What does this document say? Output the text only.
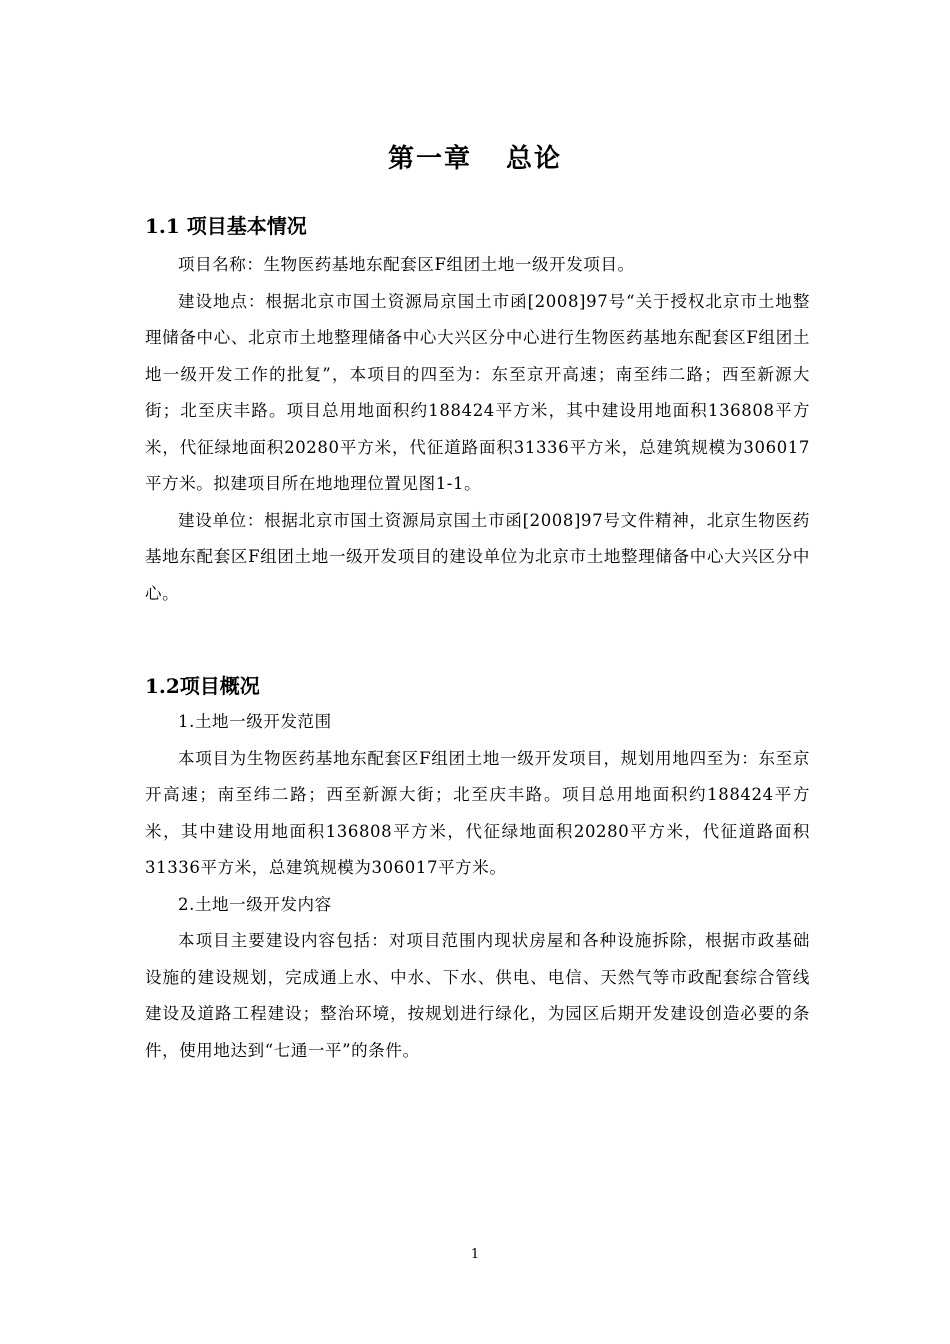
第一章 总论
1.1 项目基本情况

项目名称：生物医药基地东配套区F组团土地一级开发项目。

建设地点：根据北京市国土资源局京国土市函[2008]97号“关于授权北京市土地整理储备中心、北京市土地整理储备中心大兴区分中心进行生物医药基地东配套区F组团土地一级开发工作的批复”，本项目的四至为：东至京开高速；南至纬二路；西至新源大街；北至庆丰路。项目总用地面积约188424平方米，其中建设用地面积136808平方米，代征绿地面积20280平方米，代征道路面积31336平方米，总建筑规模为306017平方米。拟建项目所在地地理位置见图1-1。

建设单位：根据北京市国土资源局京国土市函[2008]97号文件精神，北京生物医药基地东配套区F组团土地一级开发项目的建设单位为北京市土地整理储备中心大兴区分中心。

1.2项目概况

1.土地一级开发范围

本项目为生物医药基地东配套区F组团土地一级开发项目，规划用地四至为：东至京开高速；南至纬二路；西至新源大街；北至庆丰路。项目总用地面积约188424平方米，其中建设用地面积136808平方米，代征绿地面积20280平方米，代征道路面积31336平方米，总建筑规模为306017平方米。

2.土地一级开发内容

本项目主要建设内容包括：对项目范围内现状房屋和各种设施拆除，根据市政基础设施的建设规划，完成通上水、中水、下水、供电、电信、天然气等市政配套综合管线建设及道路工程建设；整治环境，按规划进行绿化，为园区后期开发建设创造必要的条件，使用地达到“七通一平”的条件。

1
